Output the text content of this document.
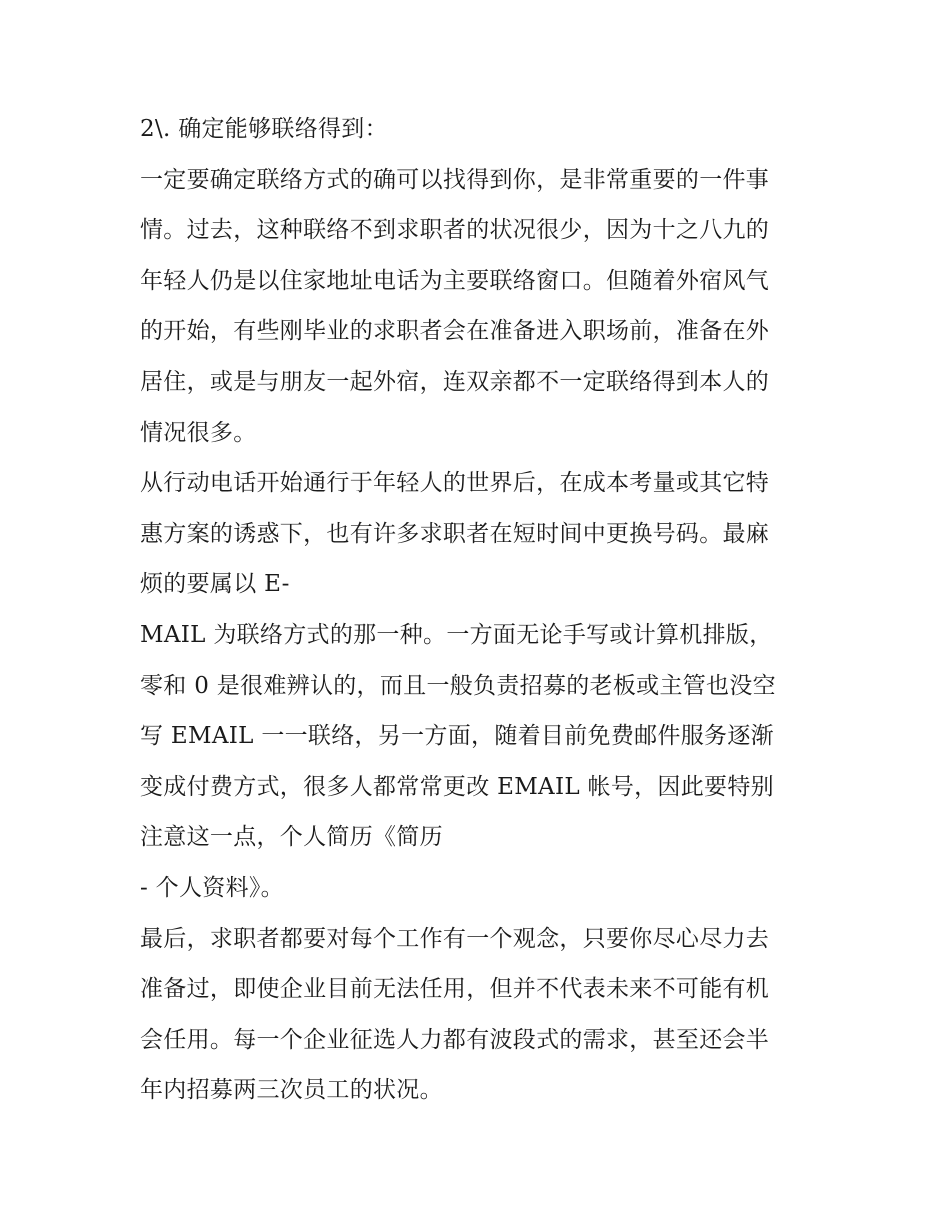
2\. 确定能够联络得到：
一定要确定联络方式的确可以找得到你，是非常重要的一件事
情。过去，这种联络不到求职者的状况很少，因为十之八九的
年轻人仍是以住家地址电话为主要联络窗口。但随着外宿风气
的开始，有些刚毕业的求职者会在准备进入职场前，准备在外
居住，或是与朋友一起外宿，连双亲都不一定联络得到本人的
情况很多。
从行动电话开始通行于年轻人的世界后，在成本考量或其它特
惠方案的诱惑下，也有许多求职者在短时间中更换号码。最麻
烦的要属以 E-
MAIL 为联络方式的那一种。一方面无论手写或计算机排版，
零和 0 是很难辨认的，而且一般负责招募的老板或主管也没空
写 EMAIL 一一联络，另一方面，随着目前免费邮件服务逐渐
变成付费方式，很多人都常常更改 EMAIL 帐号，因此要特别
注意这一点，个人简历《简历
- 个人资料》。
最后，求职者都要对每个工作有一个观念，只要你尽心尽力去
准备过，即使企业目前无法任用，但并不代表未来不可能有机
会任用。每一个企业征选人力都有波段式的需求，甚至还会半
年内招募两三次员工的状况。
